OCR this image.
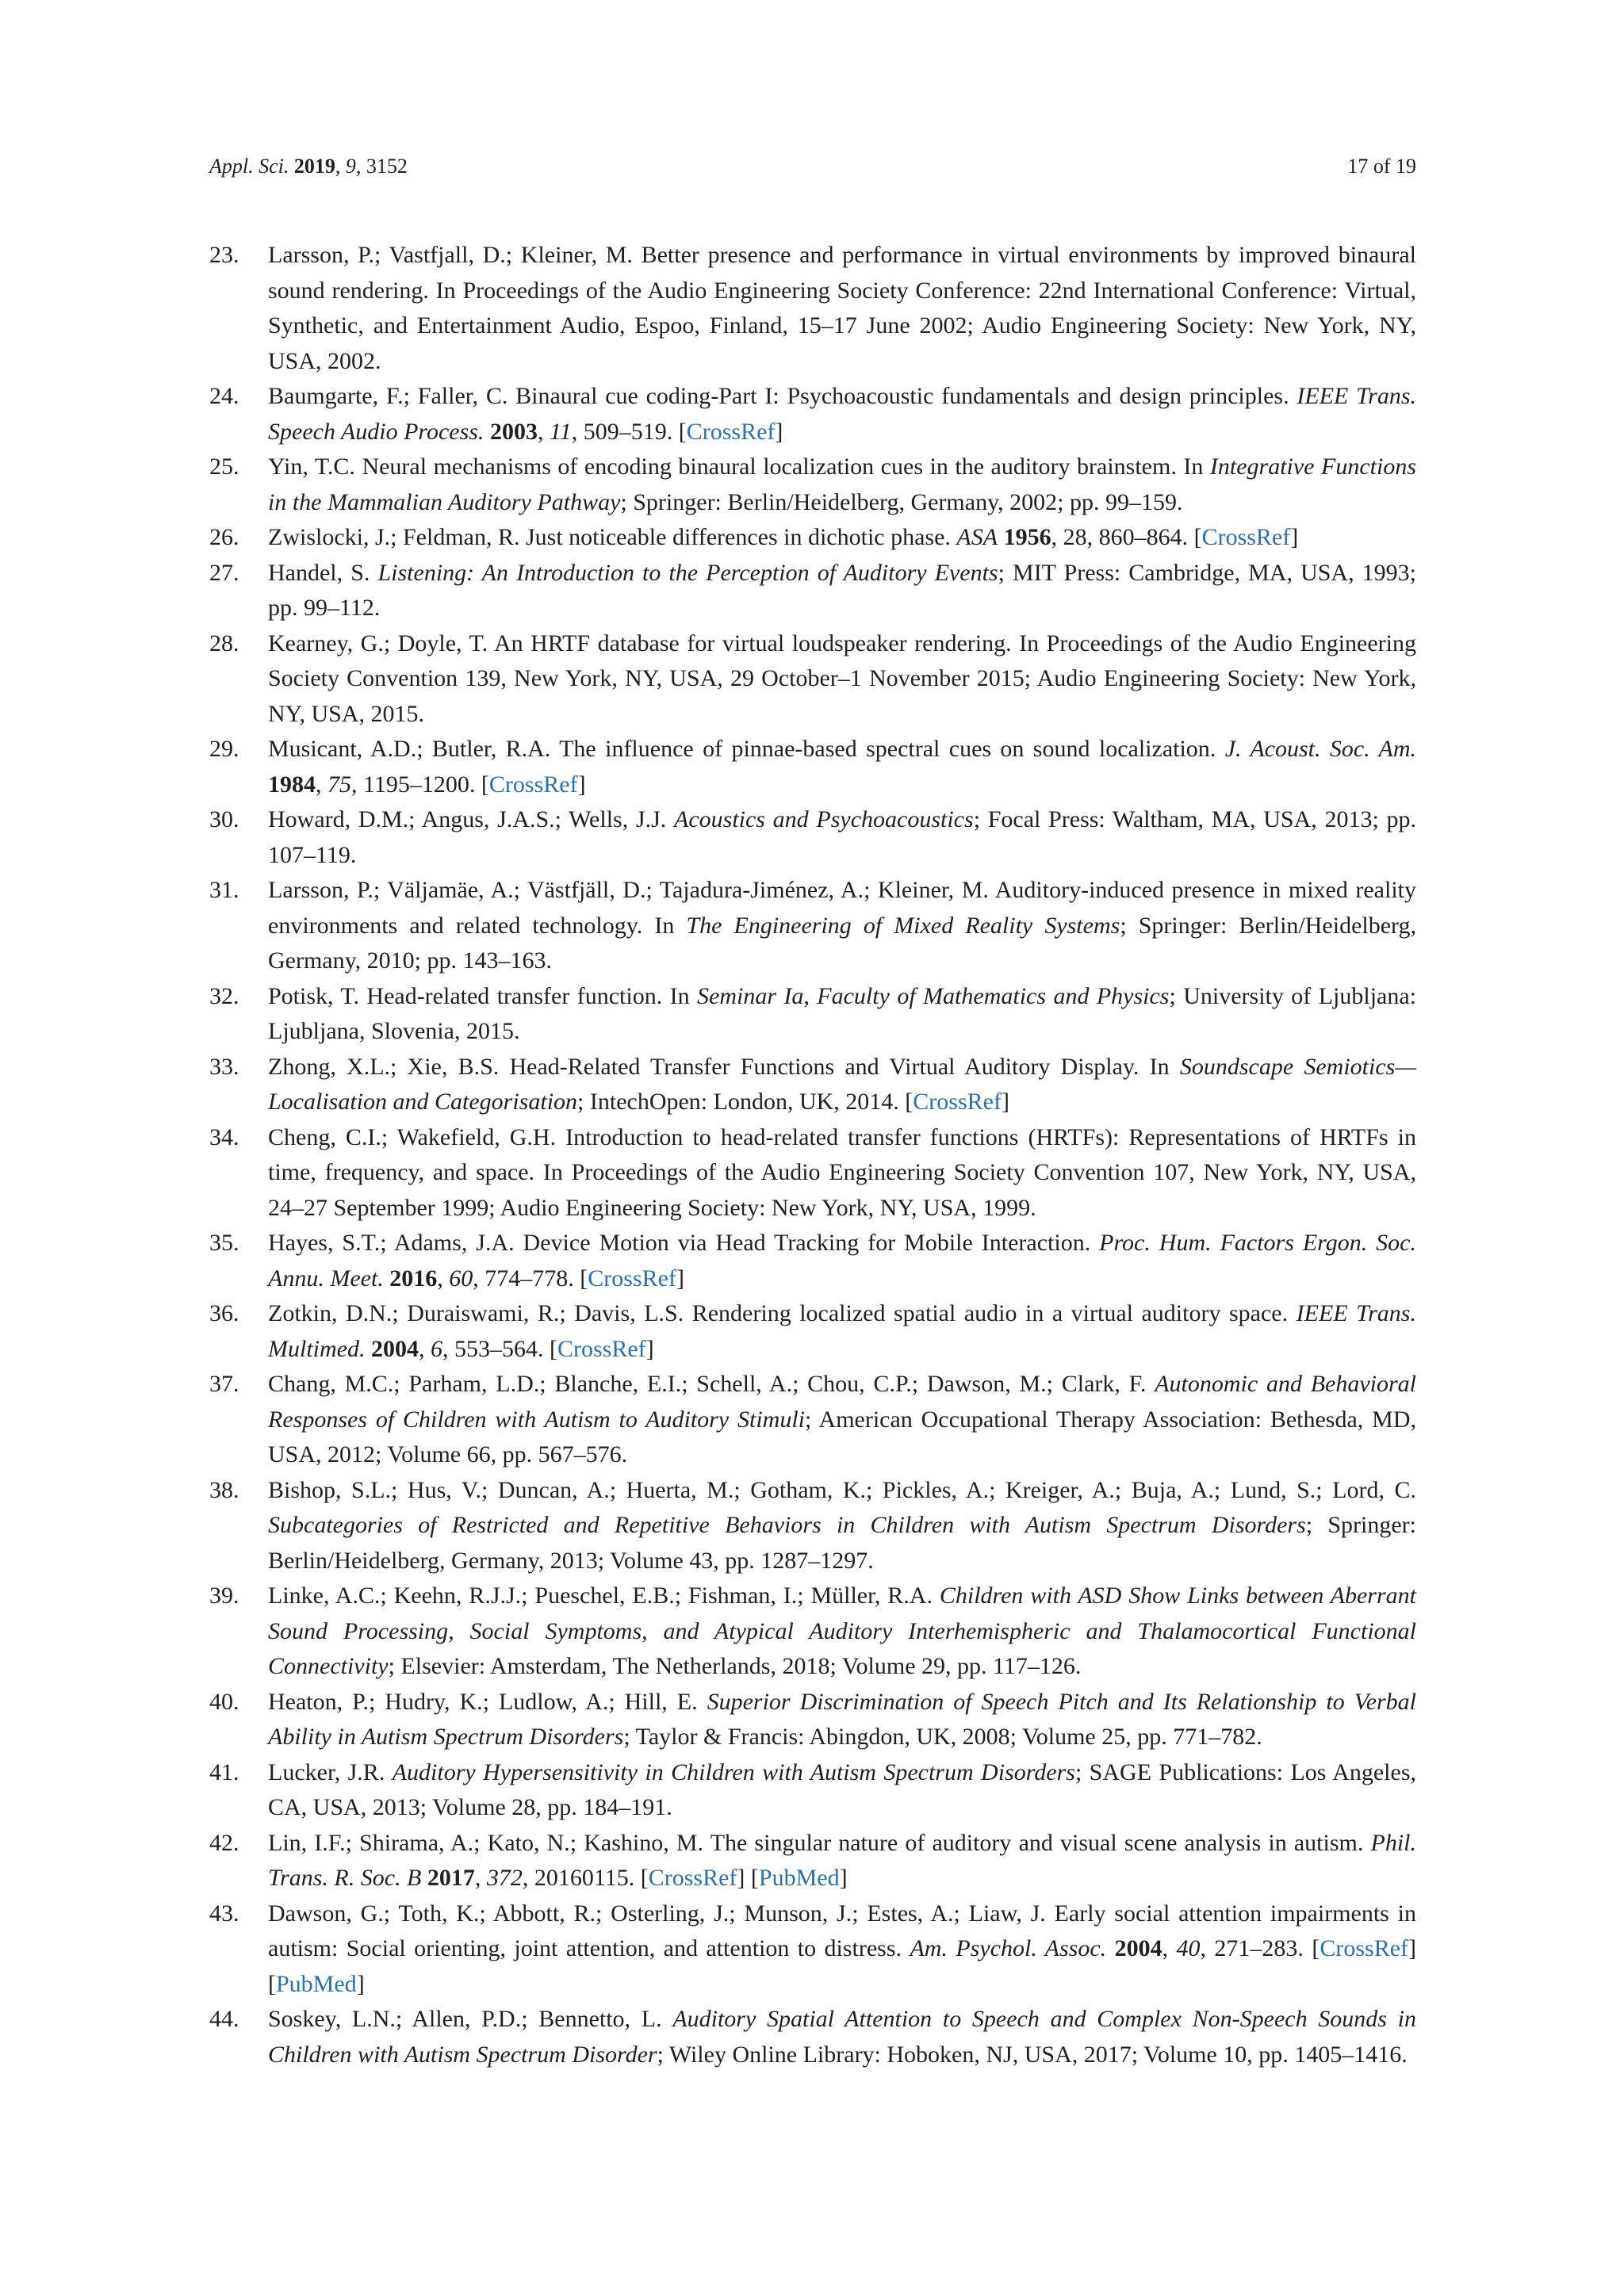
Appl. Sci. 2019, 9, 3152	17 of 19
23. Larsson, P.; Vastfjall, D.; Kleiner, M. Better presence and performance in virtual environments by improved binaural sound rendering. In Proceedings of the Audio Engineering Society Conference: 22nd International Conference: Virtual, Synthetic, and Entertainment Audio, Espoo, Finland, 15–17 June 2002; Audio Engineering Society: New York, NY, USA, 2002.
24. Baumgarte, F.; Faller, C. Binaural cue coding-Part I: Psychoacoustic fundamentals and design principles. IEEE Trans. Speech Audio Process. 2003, 11, 509–519. [CrossRef]
25. Yin, T.C. Neural mechanisms of encoding binaural localization cues in the auditory brainstem. In Integrative Functions in the Mammalian Auditory Pathway; Springer: Berlin/Heidelberg, Germany, 2002; pp. 99–159.
26. Zwislocki, J.; Feldman, R. Just noticeable differences in dichotic phase. ASA 1956, 28, 860–864. [CrossRef]
27. Handel, S. Listening: An Introduction to the Perception of Auditory Events; MIT Press: Cambridge, MA, USA, 1993; pp. 99–112.
28. Kearney, G.; Doyle, T. An HRTF database for virtual loudspeaker rendering. In Proceedings of the Audio Engineering Society Convention 139, New York, NY, USA, 29 October–1 November 2015; Audio Engineering Society: New York, NY, USA, 2015.
29. Musicant, A.D.; Butler, R.A. The influence of pinnae-based spectral cues on sound localization. J. Acoust. Soc. Am. 1984, 75, 1195–1200. [CrossRef]
30. Howard, D.M.; Angus, J.A.S.; Wells, J.J. Acoustics and Psychoacoustics; Focal Press: Waltham, MA, USA, 2013; pp. 107–119.
31. Larsson, P.; Väljamäe, A.; Västfjäll, D.; Tajadura-Jiménez, A.; Kleiner, M. Auditory-induced presence in mixed reality environments and related technology. In The Engineering of Mixed Reality Systems; Springer: Berlin/Heidelberg, Germany, 2010; pp. 143–163.
32. Potisk, T. Head-related transfer function. In Seminar Ia, Faculty of Mathematics and Physics; University of Ljubljana: Ljubljana, Slovenia, 2015.
33. Zhong, X.L.; Xie, B.S. Head-Related Transfer Functions and Virtual Auditory Display. In Soundscape Semiotics—Localisation and Categorisation; IntechOpen: London, UK, 2014. [CrossRef]
34. Cheng, C.I.; Wakefield, G.H. Introduction to head-related transfer functions (HRTFs): Representations of HRTFs in time, frequency, and space. In Proceedings of the Audio Engineering Society Convention 107, New York, NY, USA, 24–27 September 1999; Audio Engineering Society: New York, NY, USA, 1999.
35. Hayes, S.T.; Adams, J.A. Device Motion via Head Tracking for Mobile Interaction. Proc. Hum. Factors Ergon. Soc. Annu. Meet. 2016, 60, 774–778. [CrossRef]
36. Zotkin, D.N.; Duraiswami, R.; Davis, L.S. Rendering localized spatial audio in a virtual auditory space. IEEE Trans. Multimed. 2004, 6, 553–564. [CrossRef]
37. Chang, M.C.; Parham, L.D.; Blanche, E.I.; Schell, A.; Chou, C.P.; Dawson, M.; Clark, F. Autonomic and Behavioral Responses of Children with Autism to Auditory Stimuli; American Occupational Therapy Association: Bethesda, MD, USA, 2012; Volume 66, pp. 567–576.
38. Bishop, S.L.; Hus, V.; Duncan, A.; Huerta, M.; Gotham, K.; Pickles, A.; Kreiger, A.; Buja, A.; Lund, S.; Lord, C. Subcategories of Restricted and Repetitive Behaviors in Children with Autism Spectrum Disorders; Springer: Berlin/Heidelberg, Germany, 2013; Volume 43, pp. 1287–1297.
39. Linke, A.C.; Keehn, R.J.J.; Pueschel, E.B.; Fishman, I.; Müller, R.A. Children with ASD Show Links between Aberrant Sound Processing, Social Symptoms, and Atypical Auditory Interhemispheric and Thalamocortical Functional Connectivity; Elsevier: Amsterdam, The Netherlands, 2018; Volume 29, pp. 117–126.
40. Heaton, P.; Hudry, K.; Ludlow, A.; Hill, E. Superior Discrimination of Speech Pitch and Its Relationship to Verbal Ability in Autism Spectrum Disorders; Taylor & Francis: Abingdon, UK, 2008; Volume 25, pp. 771–782.
41. Lucker, J.R. Auditory Hypersensitivity in Children with Autism Spectrum Disorders; SAGE Publications: Los Angeles, CA, USA, 2013; Volume 28, pp. 184–191.
42. Lin, I.F.; Shirama, A.; Kato, N.; Kashino, M. The singular nature of auditory and visual scene analysis in autism. Phil. Trans. R. Soc. B 2017, 372, 20160115. [CrossRef] [PubMed]
43. Dawson, G.; Toth, K.; Abbott, R.; Osterling, J.; Munson, J.; Estes, A.; Liaw, J. Early social attention impairments in autism: Social orienting, joint attention, and attention to distress. Am. Psychol. Assoc. 2004, 40, 271–283. [CrossRef] [PubMed]
44. Soskey, L.N.; Allen, P.D.; Bennetto, L. Auditory Spatial Attention to Speech and Complex Non-Speech Sounds in Children with Autism Spectrum Disorder; Wiley Online Library: Hoboken, NJ, USA, 2017; Volume 10, pp. 1405–1416.
